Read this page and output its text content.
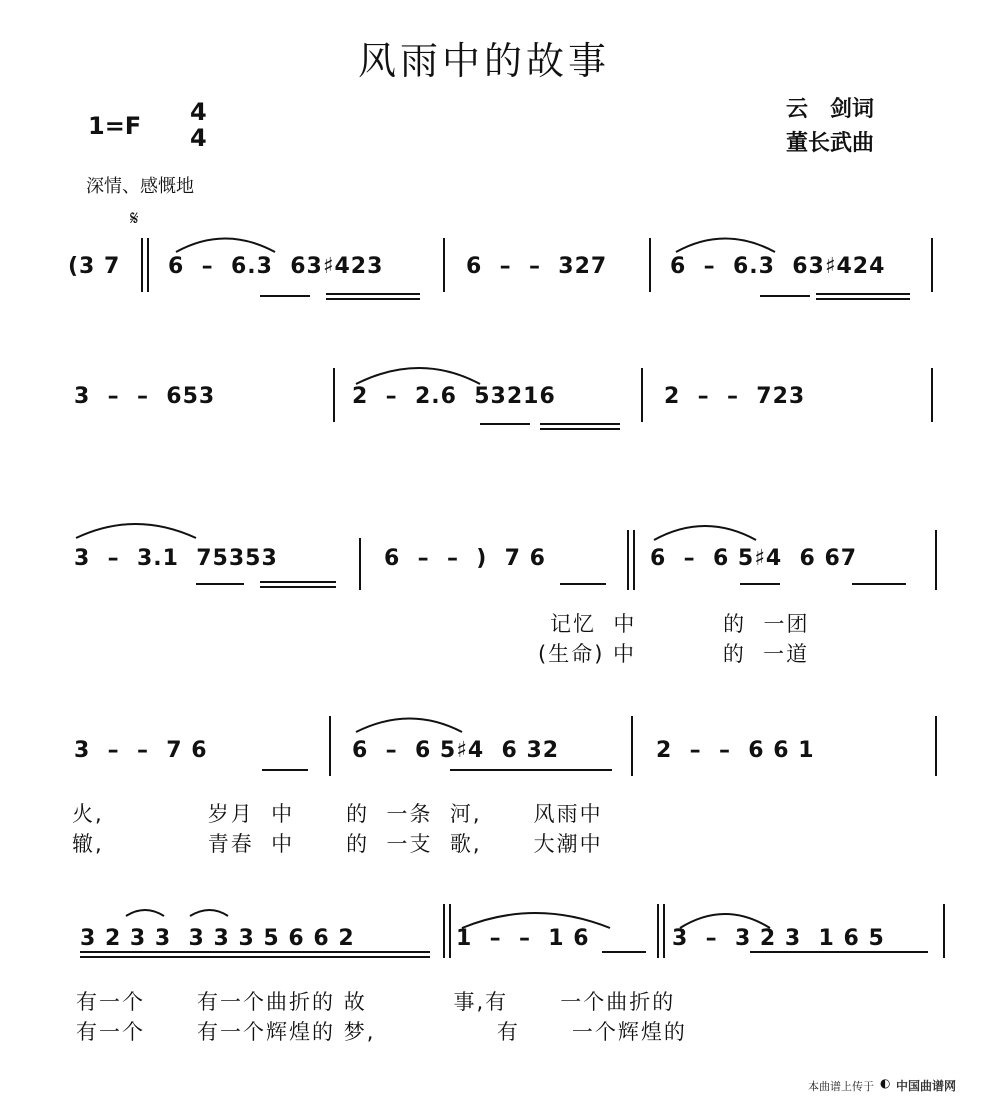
风雨中的故事
1=F 4
4
云　剑词
董长武曲
深情、感慨地
𝄋
(3 7 6  –  6.3  63♯423	6  –  –  327	6  –  6.3  63♯424
3  –  –  653	2  –  2.6  53216	2  –  –  723
3  –  3.1  75353	6  –  –  )  7 6	6  –  6 5♯4  6 67
记忆  中          的  一团
(生命) 中          的  一道
3  –  –  7 6	6  –  6 5♯4  6 32	2  –  –  6 6 1
火,            岁月  中      的  一条  河,      风雨中
辙,            青春  中      的  一支  歌,      大潮中
3 2 3 3  3 3 3 5 6 6 2	1  –  –  1 6	3  –  3 2 3  1 6 5
有一个      有一个曲折的 故          事,有      一个曲折的
有一个      有一个辉煌的 梦,              有      一个辉煌的
本曲谱上传于 ◐ 中国曲谱网
